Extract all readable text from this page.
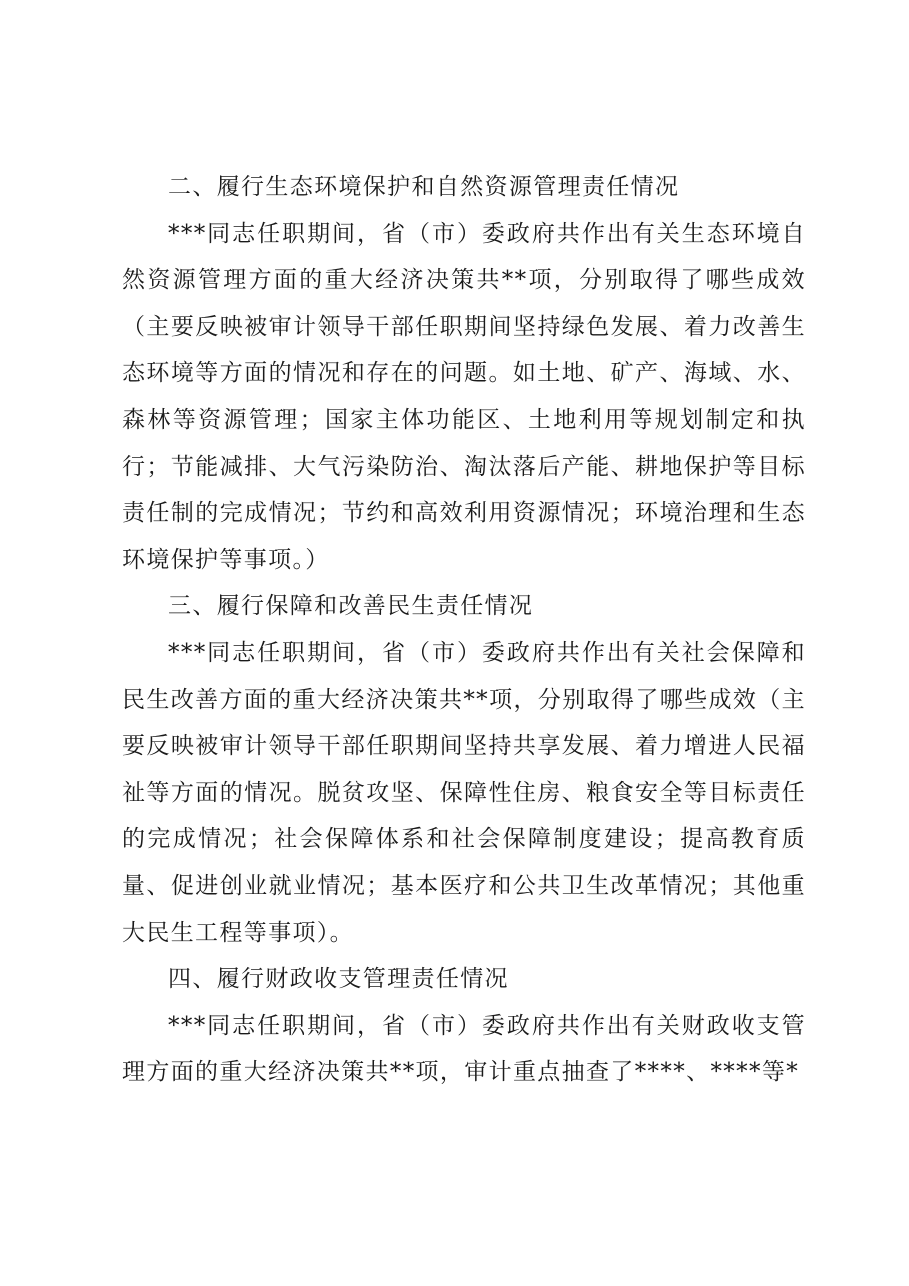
二、履行生态环境保护和自然资源管理责任情况

***同志任职期间，省（市）委政府共作出有关生态环境自然资源管理方面的重大经济决策共**项，分别取得了哪些成效（主要反映被审计领导干部任职期间坚持绿色发展、着力改善生态环境等方面的情况和存在的问题。如土地、矿产、海域、水、森林等资源管理；国家主体功能区、土地利用等规划制定和执行；节能减排、大气污染防治、淘汰落后产能、耕地保护等目标责任制的完成情况；节约和高效利用资源情况；环境治理和生态环境保护等事项。）

三、履行保障和改善民生责任情况

***同志任职期间，省（市）委政府共作出有关社会保障和民生改善方面的重大经济决策共**项，分别取得了哪些成效（主要反映被审计领导干部任职期间坚持共享发展、着力增进人民福祉等方面的情况。脱贫攻坚、保障性住房、粮食安全等目标责任的完成情况；社会保障体系和社会保障制度建设；提高教育质量、促进创业就业情况；基本医疗和公共卫生改革情况；其他重大民生工程等事项）。

四、履行财政收支管理责任情况

***同志任职期间，省（市）委政府共作出有关财政收支管理方面的重大经济决策共**项，审计重点抽查了****、****等*
